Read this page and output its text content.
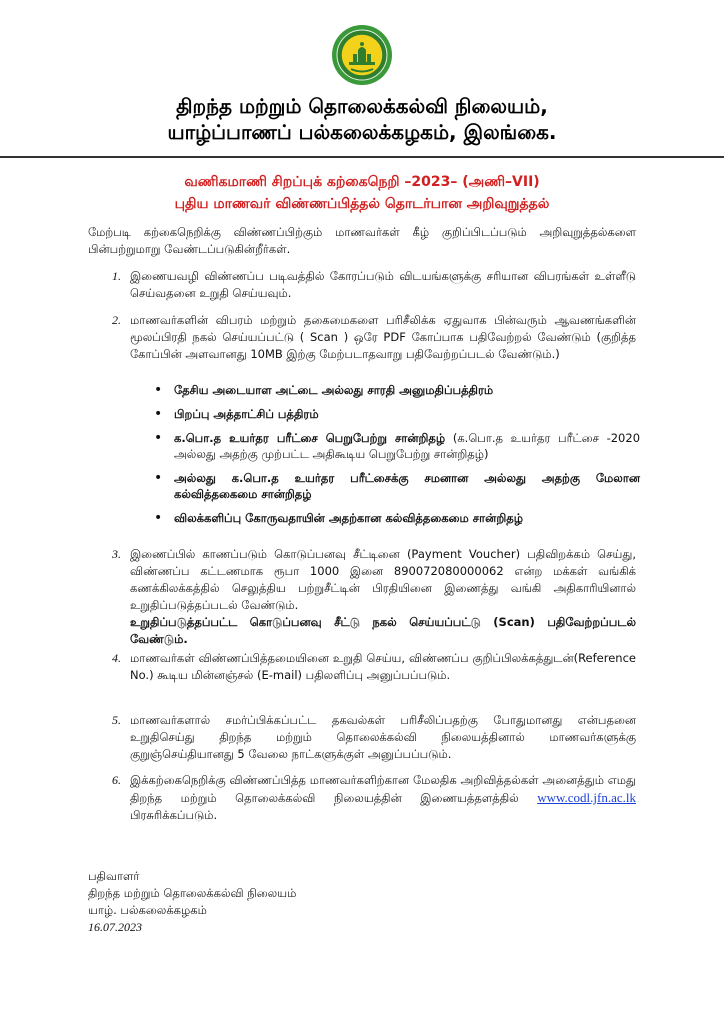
திறந்த மற்றும் தொலைக்கல்வி நிலையம்,
யாழ்ப்பாணப் பல்கலைக்கழகம், இலங்கை.
வணிகமாணி சிறப்புக் கற்கைநெறி –2023– (அணி–VII)
புதிய மாணவர் விண்ணப்பித்தல் தொடர்பான அறிவுறுத்தல்
மேற்படி கற்கைநெறிக்கு விண்ணப்பிற்கும் மாணவர்கள் கீழ் குறிப்பிடப்படும் அறிவுறுத்தல்களை பின்பற்றுமாறு வேண்டப்படுகின்றீர்கள்.
1. இணையவழி விண்ணப்ப படிவத்தில் கோரப்படும் விடயங்களுக்கு சரியான விபரங்கள் உள்ளீடு செய்வதனை உறுதி செய்யவும்.
2. மாணவர்களின் விபரம் மற்றும் தகைமைகளை பரிசீலிக்க ஏதுவாக பின்வரும் ஆவணங்களின் மூலப்பிரதி நகல் செய்யப்பட்டு ( Scan ) ஒரே PDF கோப்பாக பதிவேற்றல் வேண்டும் (குறித்த கோப்பின் அளவானது 10MB இற்கு மேற்படாதவாறு பதிவேற்றப்படல் வேண்டும்.)
• தேசிய அடையாள அட்டை அல்லது சாரதி அனுமதிப்பத்திரம்
• பிறப்பு அத்தாட்சிப் பத்திரம்
• க.பொ.த உயர்தர பரீட்சை பெறுபேற்று சான்றிதழ் (க.பொ.த உயர்தர பரீட்சை -2020 அல்லது அதற்கு முற்பட்ட அதிகூடிய பெறுபேற்று சான்றிதழ்)
• அல்லது க.பொ.த உயர்தர பரீட்சைக்கு சமனான அல்லது அதற்கு மேலான கல்வித்தகைமை சான்றிதழ்
• விலக்களிப்பு கோருவதாயின் அதற்கான கல்வித்தகைமை சான்றிதழ்
3. இணைப்பில் காணப்படும் கொடுப்பனவு சீட்டினை (Payment Voucher) பதிவிறக்கம் செய்து, விண்ணப்ப கட்டணமாக ரூபா 1000 இனை 890072080000062 என்ற மக்கள் வங்கிக் கணக்கிலக்கத்தில் செலுத்திய பற்றுசீட்டின் பிரதியினை இணைத்து வங்கி அதிகாரியினால் உறுதிப்படுத்தப்படல் வேண்டும்.
உறுதிப்படுத்தப்பட்ட கொடுப்பனவு சீட்டு நகல் செய்யப்பட்டு (Scan) பதிவேற்றப்படல் வேண்டும்.
4. மாணவர்கள் விண்ணப்பித்தமையினை உறுதி செய்ய, விண்ணப்ப குறிப்பிலக்கத்துடன்(Reference No.) கூடிய மின்னஞ்சல் (E-mail) பதிலளிப்பு அனுப்பப்படும்.
5. மாணவர்களால் சமர்ப்பிக்கப்பட்ட தகவல்கள் பரிசீலிப்பதற்கு போதுமானது என்பதனை உறுதிசெய்து திறந்த மற்றும் தொலைக்கல்வி நிலையத்தினால் மாணவர்களுக்கு குறுஞ்செய்தியானது 5 வேலை நாட்களுக்குள் அனுப்பப்படும்.
6. இக்கற்கைநெறிக்கு விண்ணப்பித்த மாணவர்களிற்கான மேலதிக அறிவித்தல்கள் அனைத்தும் எமது திறந்த மற்றும் தொலைக்கல்வி நிலையத்தின் இணையத்தளத்தில் www.codl.jfn.ac.lk பிரசுரிக்கப்படும்.
பதிவாளர்
திறந்த மற்றும் தொலைக்கல்வி நிலையம்
யாழ். பல்கலைக்கழகம்
16.07.2023
